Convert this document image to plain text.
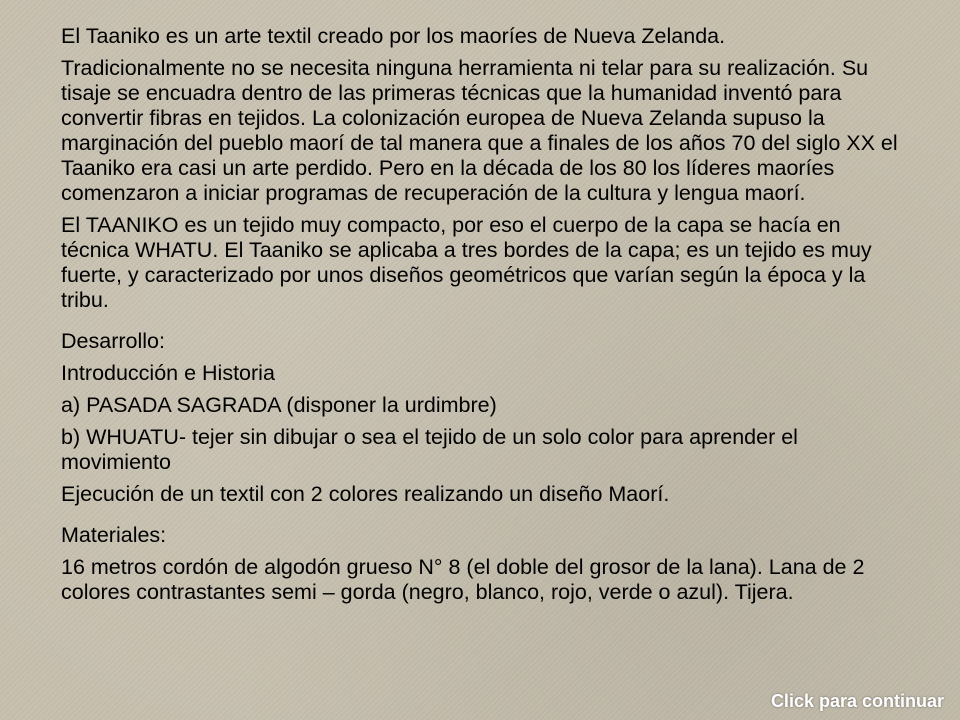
El Taaniko es un arte textil creado por los maoríes de Nueva Zelanda.

Tradicionalmente no se necesita ninguna herramienta ni telar para su realización. Su tisaje se encuadra dentro de las primeras técnicas que la humanidad inventó para convertir fibras en tejidos. La colonización europea de Nueva Zelanda supuso la marginación del pueblo maorí de tal manera que a finales de los años 70 del siglo XX el Taaniko era casi un arte perdido. Pero en la década de los 80 los líderes maoríes comenzaron a iniciar programas de recuperación de la cultura y lengua maorí.

El TAANIKO es un tejido muy compacto, por eso el cuerpo de la capa se hacía en técnica WHATU. El Taaniko se aplicaba a tres bordes de la capa; es un tejido es muy fuerte, y caracterizado por unos diseños geométricos que varían según la época y la tribu.

Desarrollo:

Introducción e Historia

a) PASADA SAGRADA (disponer la urdimbre)

b) WHUATU- tejer sin dibujar o sea el tejido de un solo color para aprender el movimiento

Ejecución de un textil con 2 colores realizando un diseño Maorí.

Materiales:

16 metros cordón de algodón grueso N° 8 (el doble del grosor de la lana). Lana de 2 colores contrastantes semi – gorda (negro, blanco, rojo, verde o azul). Tijera.

Click para continuar
